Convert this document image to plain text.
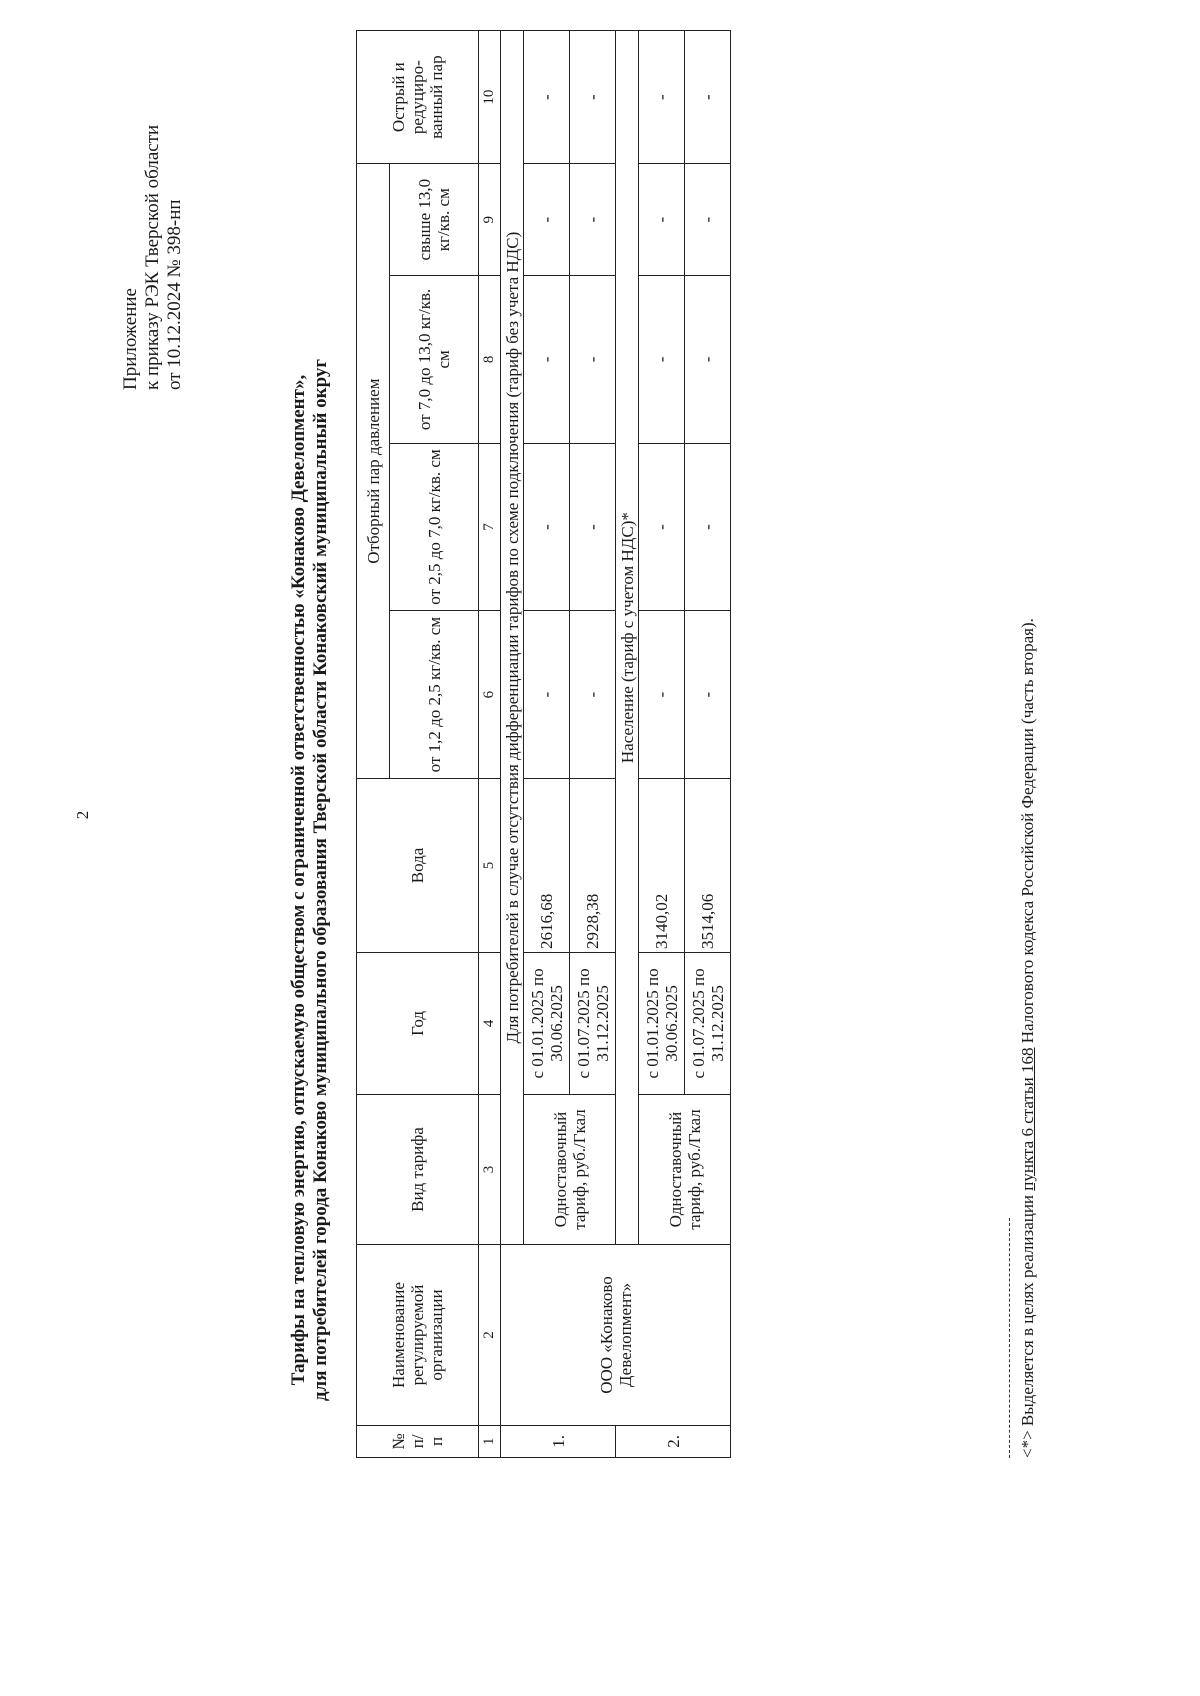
2
Приложение к приказу РЭК Тверской области от 10.12.2024 № 398-нп
Тарифы на тепловую энергию, отпускаемую обществом с ограниченной ответственностью «Конаково Девелопмент», для потребителей города Конаково муниципального образования Тверской области Конаковский муниципальный округ
№ п/ п	Наименование регулируемой организации	Вид тарифа	Год	Вода	Отборный пар давлением				Острый и редуциро-ванный пар
					от 1,2 до 2,5 кг/кв. см	от 2,5 до 7,0 кг/кв. см	от 7,0 до 13,0 кг/кв. см	свыше 13,0 кг/кв. см	
1	2	3	4	5	6	7	8	9	10
1.	ООО «Конаково Девелопмент»	Для потребителей в случае отсутствия дифференциации тарифов по схеме подключения (тариф без учета НДС)							
		Одноставочный тариф, руб./Гкал	с 01.01.2025 по 30.06.2025	2616,68	-	-	-	-	-
			с 01.07.2025 по 31.12.2025	2928,38	-	-	-	-	-
2.		Население (тариф с учетом НДС)*							
		Одноставочный тариф, руб./Гкал	с 01.01.2025 по 30.06.2025	3140,02	-	-	-	-	-
			с 01.07.2025 по 31.12.2025	3514,06	-	-	-	-	-
<*> Выделяется в целях реализации пункта 6 статьи 168 Налогового кодекса Российской Федерации (часть вторая).
